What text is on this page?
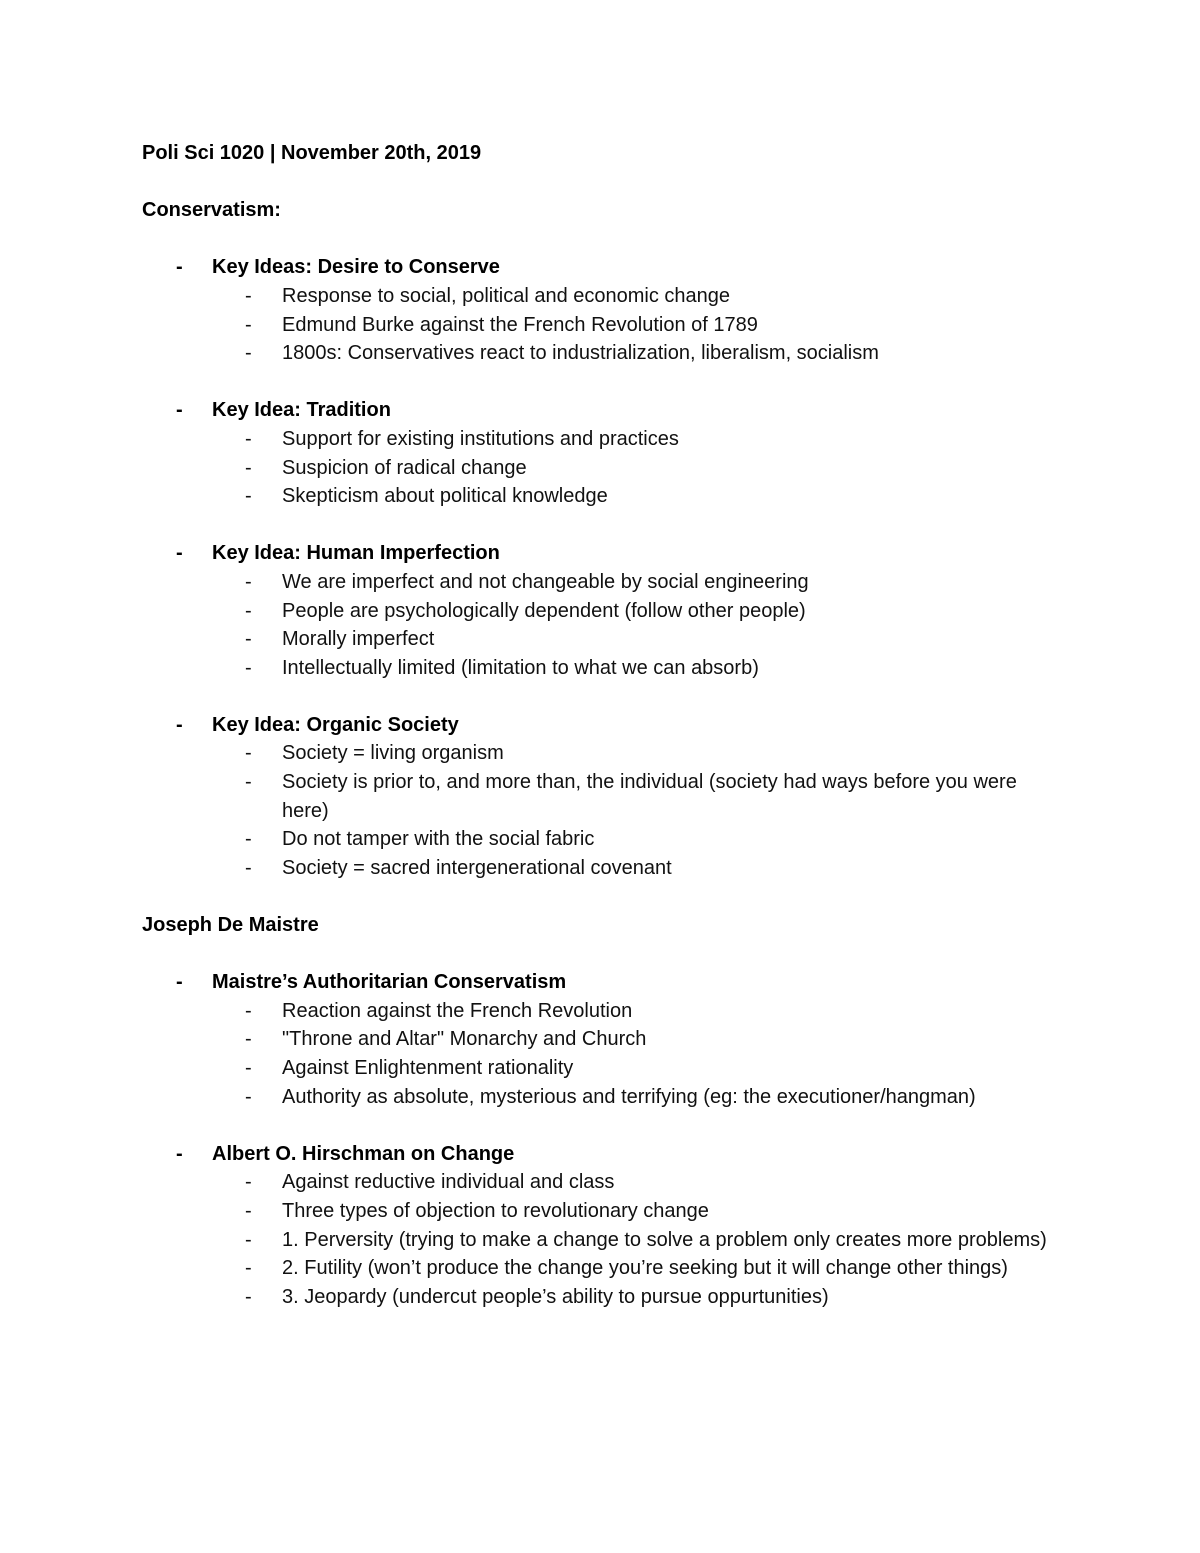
Poli Sci 1020 | November 20th, 2019

Conservatism:

- Key Ideas: Desire to Conserve
- Response to social, political and economic change
- Edmund Burke against the French Revolution of 1789
- 1800s: Conservatives react to industrialization, liberalism, socialism
- Key Idea: Tradition
- Support for existing institutions and practices
- Suspicion of radical change
- Skepticism about political knowledge
- Key Idea: Human Imperfection
- We are imperfect and not changeable by social engineering
- People are psychologically dependent (follow other people)
- Morally imperfect
- Intellectually limited (limitation to what we can absorb)
- Key Idea: Organic Society
- Society = living organism
- Society is prior to, and more than, the individual (society had ways before you were here)
- Do not tamper with the social fabric
- Society = sacred intergenerational covenant

Joseph De Maistre

- Maistre’s Authoritarian Conservatism
- Reaction against the French Revolution
- "Throne and Altar" Monarchy and Church
- Against Enlightenment rationality
- Authority as absolute, mysterious and terrifying (eg: the executioner/hangman)
- Albert O. Hirschman on Change
- Against reductive individual and class
- Three types of objection to revolutionary change
- 1. Perversity (trying to make a change to solve a problem only creates more problems)
- 2. Futility (won’t produce the change you’re seeking but it will change other things)
- 3. Jeopardy (undercut people’s ability to pursue oppurtunities)
